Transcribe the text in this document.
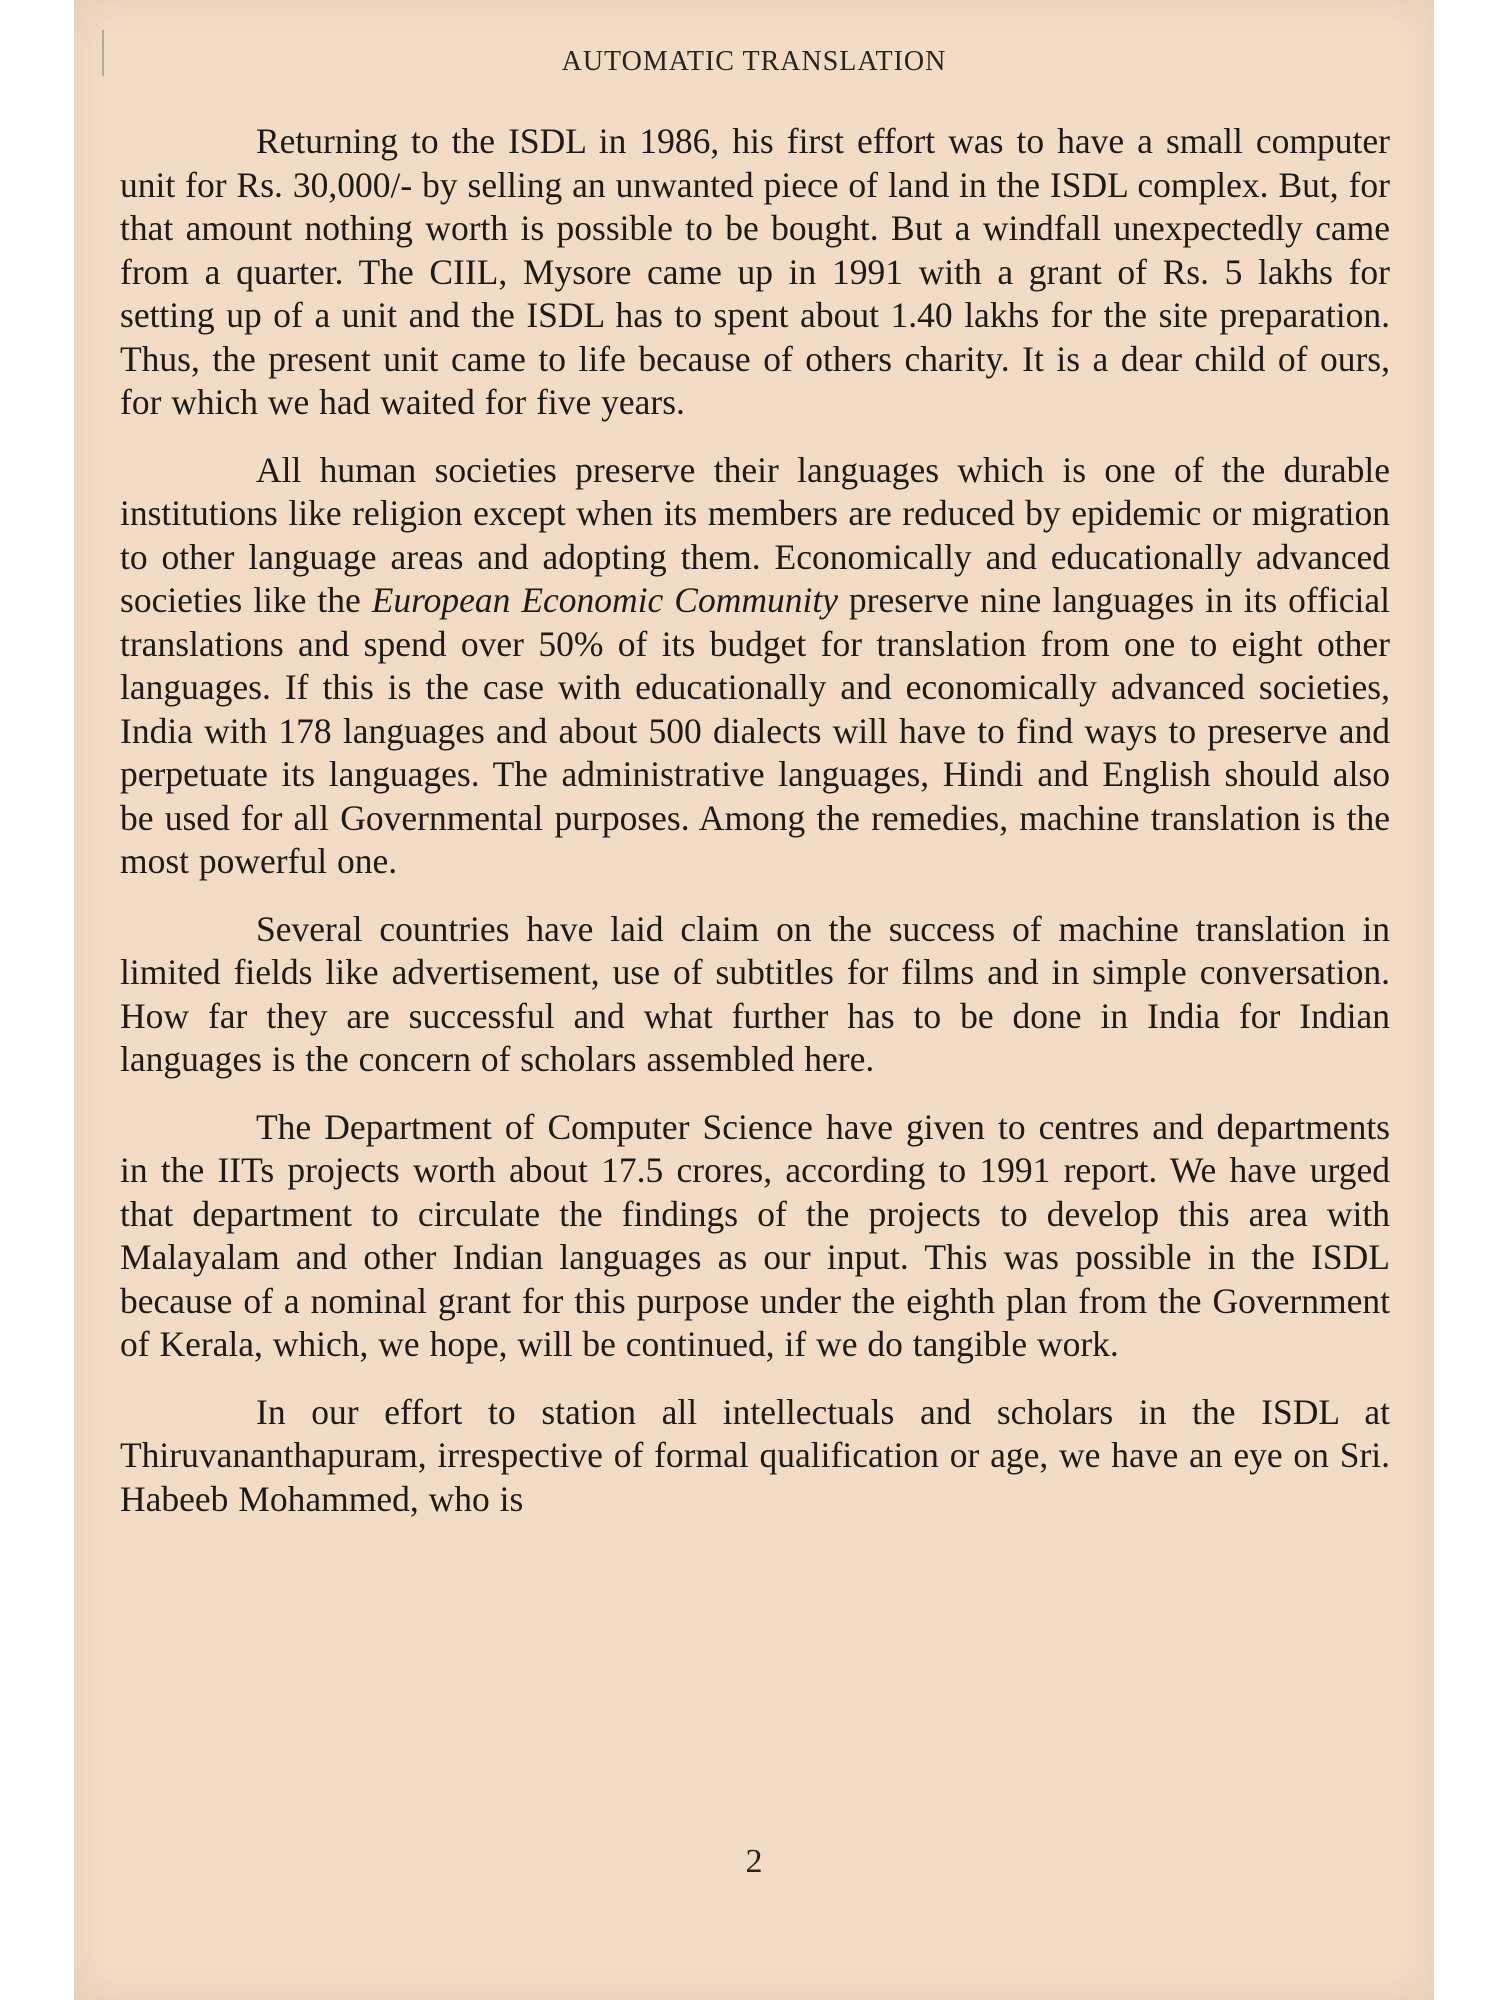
AUTOMATIC TRANSLATION

Returning to the ISDL in 1986, his first effort was to have a small computer unit for Rs. 30,000/- by selling an unwanted piece of land in the ISDL complex. But, for that amount nothing worth is possible to be bought. But a windfall unexpectedly came from a quarter. The CIIL, Mysore came up in 1991 with a grant of Rs. 5 lakhs for setting up of a unit and the ISDL has to spent about 1.40 lakhs for the site preparation. Thus, the present unit came to life because of others charity. It is a dear child of ours, for which we had waited for five years.

All human societies preserve their languages which is one of the durable institutions like religion except when its members are reduced by epidemic or migration to other language areas and adopting them. Economically and educationally advanced societies like the European Economic Community preserve nine languages in its official translations and spend over 50% of its budget for translation from one to eight other languages. If this is the case with educationally and economically advanced societies, India with 178 languages and about 500 dialects will have to find ways to preserve and perpetuate its languages. The administrative languages, Hindi and English should also be used for all Governmental purposes. Among the remedies, machine translation is the most powerful one.

Several countries have laid claim on the success of machine translation in limited fields like advertisement, use of subtitles for films and in simple conversation. How far they are successful and what further has to be done in India for Indian languages is the concern of scholars assembled here.

The Department of Computer Science have given to centres and departments in the IITs projects worth about 17.5 crores, according to 1991 report. We have urged that department to circulate the findings of the projects to develop this area with Malayalam and other Indian languages as our input. This was possible in the ISDL because of a nominal grant for this purpose under the eighth plan from the Government of Kerala, which, we hope, will be continued, if we do tangible work.

In our effort to station all intellectuals and scholars in the ISDL at Thiruvananthapuram, irrespective of formal qualification or age, we have an eye on Sri. Habeeb Mohammed, who is

2
